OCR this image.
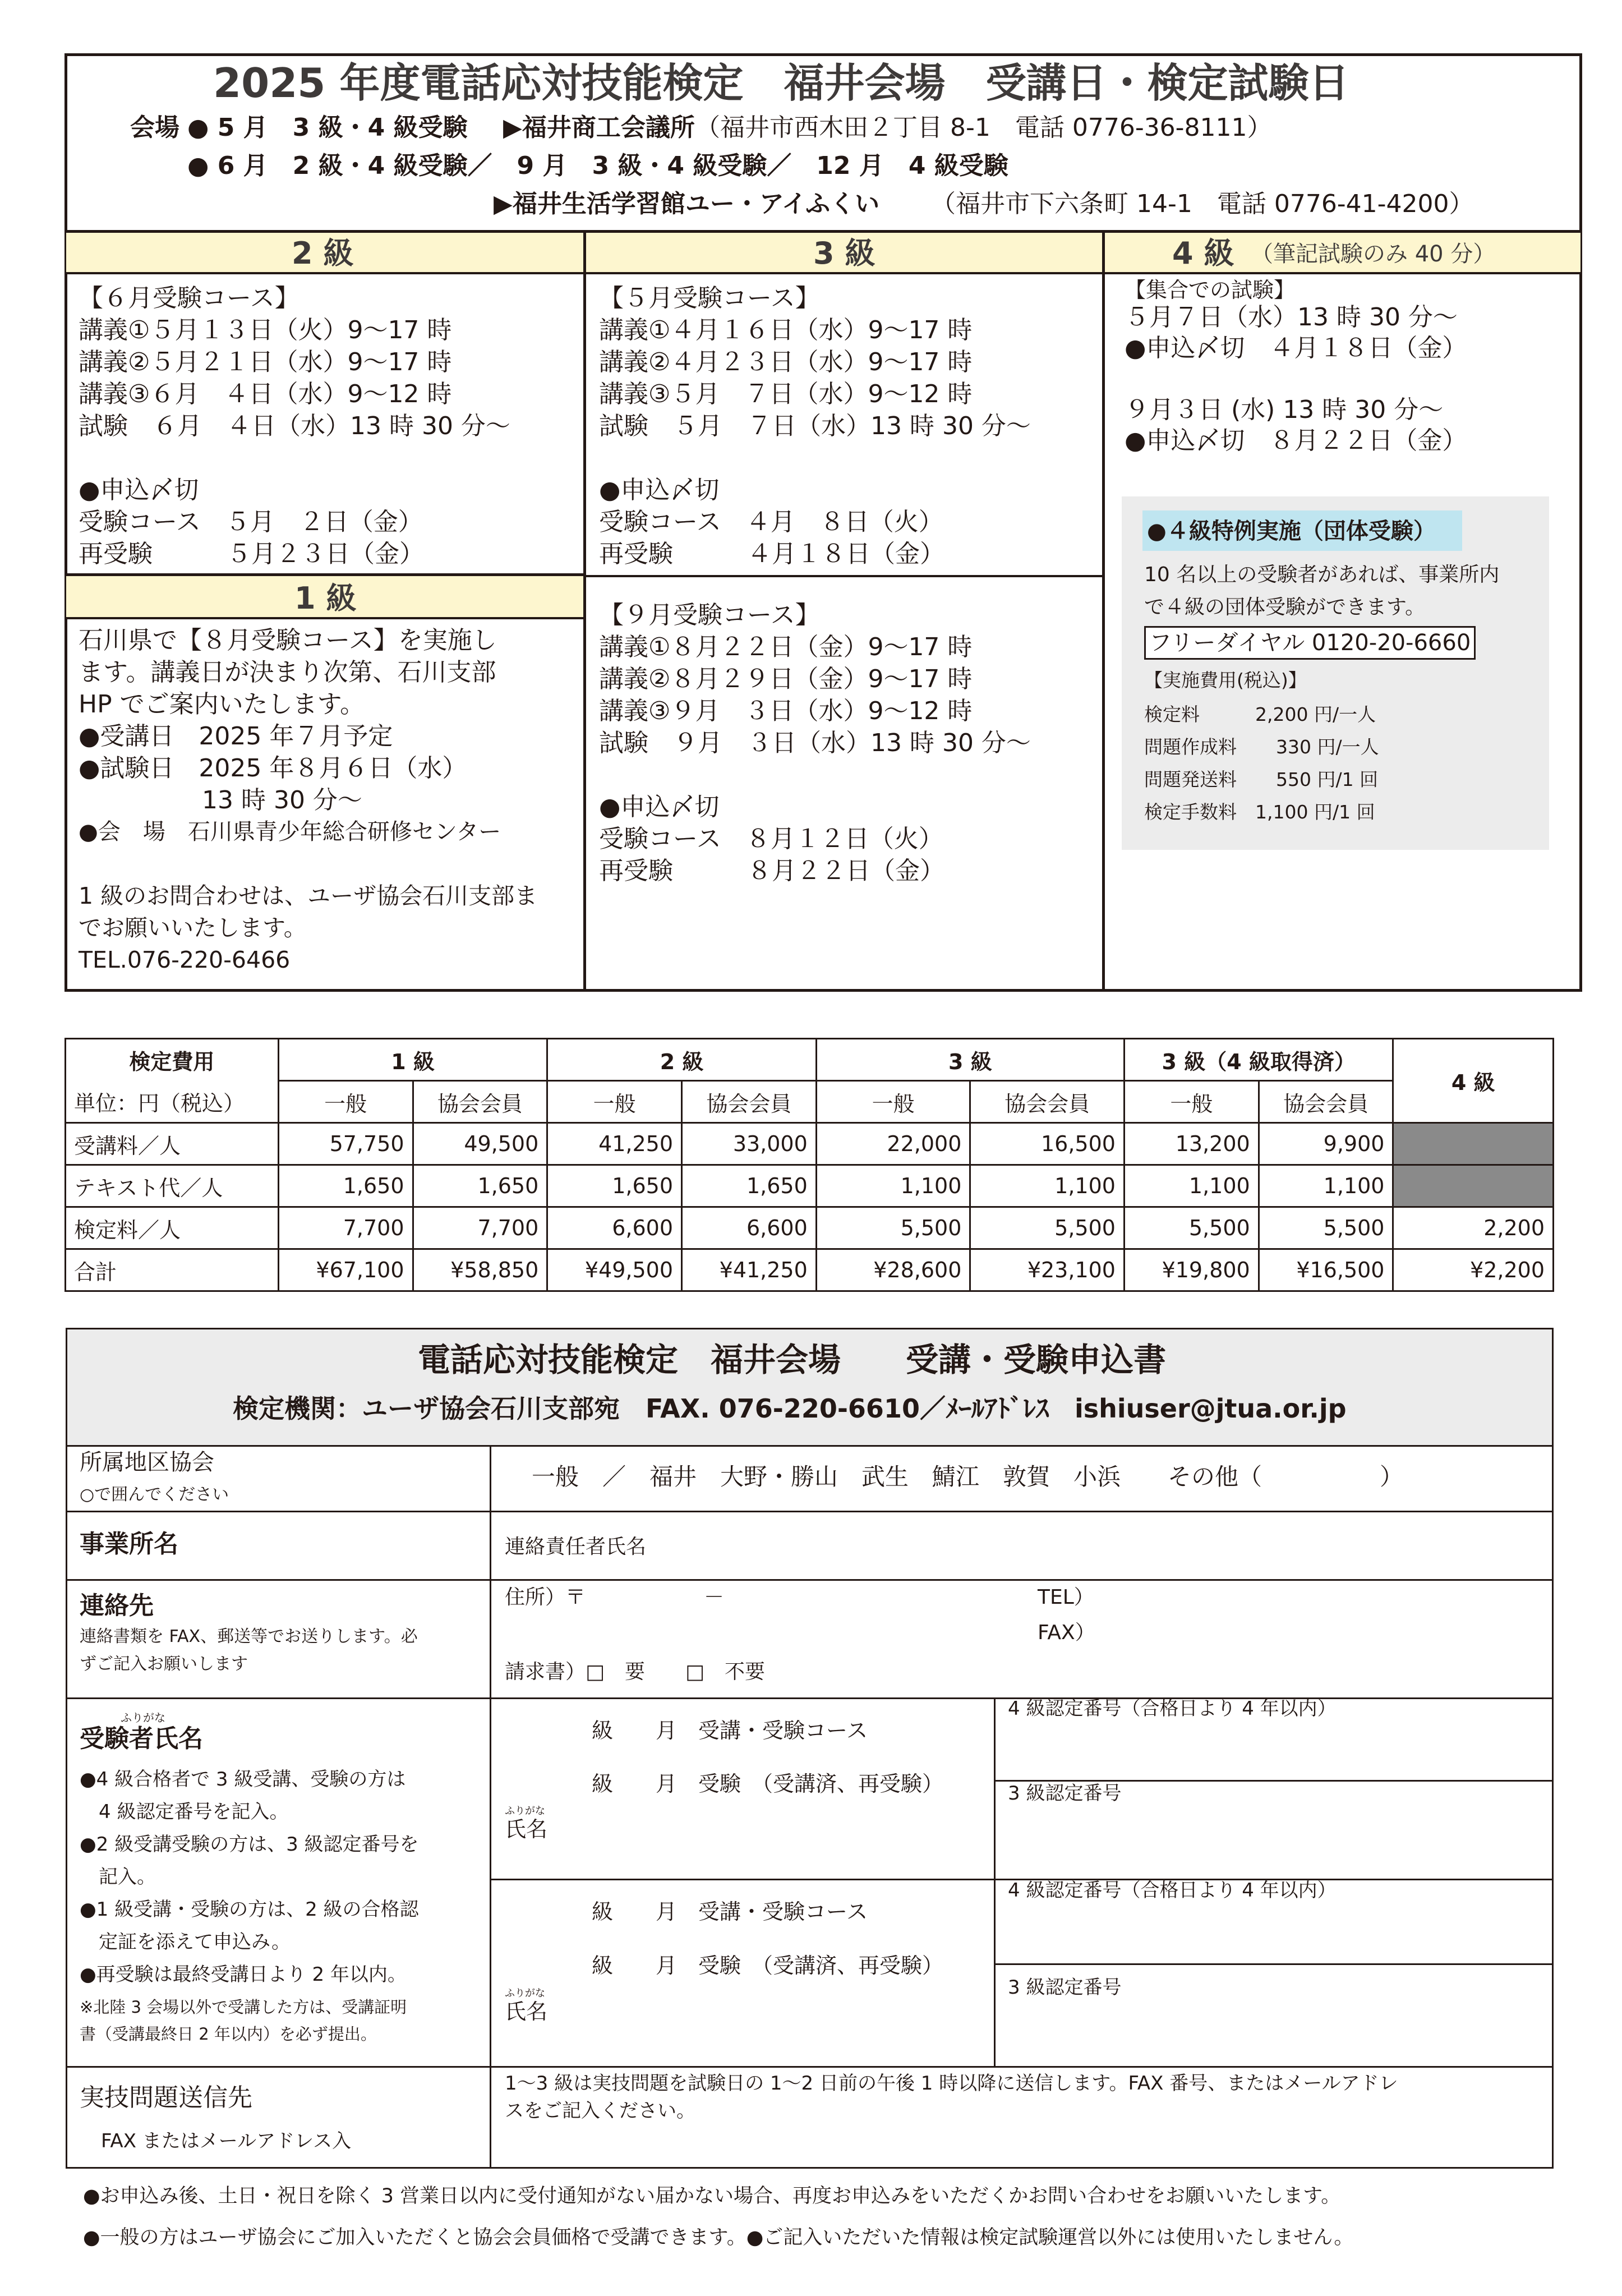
2025 年度電話応対技能検定　福井会場　受講日・検定試験日
会場 ● 5 月　3 級・4 級受験 ▶福井商工会議所 （福井市西木田２丁目 8-1　電話 0776-36-8111）
● 6 月　2 級・4 級受験／　9 月　3 級・4 級受験／　12 月　4 級受験
▶福井生活学習館ユー・アイふくい （福井市下六条町 14-1　電話 0776-41-4200）
2 級	3 級	4 級 （筆記試験のみ 40 分）
【６月受験コース】
講義①５月１３日（火）9～17 時
講義②５月２１日（水）9～17 時
講義③６月　４日（水）9～12 時
試験　６月　４日（水）13 時 30 分～
●申込〆切
受験コース　５月　２日（金）
再受験　　　５月２３日（金）
1 級
石川県で【８月受験コース】を実施し
ます。講義日が決まり次第、石川支部
HP でご案内いたします。
●受講日　2025 年７月予定
●試験日　2025 年８月６日（水）
　　　　　13 時 30 分～
●会　場　石川県青少年総合研修センター
1 級のお問合わせは、ユーザ協会石川支部ま
でお願いいたします。
TEL.076-220-6466
【５月受験コース】
講義①４月１６日（水）9～17 時
講義②４月２３日（水）9～17 時
講義③５月　７日（水）9～12 時
試験　５月　７日（水）13 時 30 分～
●申込〆切
受験コース　４月　８日（火）
再受験　　　４月１８日（金）
【９月受験コース】
講義①８月２２日（金）9～17 時
講義②８月２９日（金）9～17 時
講義③９月　３日（水）9～12 時
試験　９月　３日（水）13 時 30 分～
●申込〆切
受験コース　８月１２日（火）
再受験　　　８月２２日（金）
【集合での試験】
５月７日（水）13 時 30 分～
●申込〆切　４月１８日（金）
９月３日 (水) 13 時 30 分～
●申込〆切　８月２２日（金）
●４級特例実施（団体受験）
10 名以上の受験者があれば、事業所内
で４級の団体受験ができます。
フリーダイヤル 0120-20-6660
【実施費用(税込)】
検定料	2,200 円/一人
問題作成料 330 円/一人
問題発送料 550 円/1 回
検定手数料 1,100 円/1 回
検定費用	1 級		2 級		3 級		3 級（4 級取得済）		4 級
単位：円（税込）	一般	協会会員	一般	協会会員	一般	協会会員	一般	協会会員	
受講料／人	57,750	49,500	41,250	33,000	22,000	16,500	13,200	9,900	
テキスト代／人	1,650	1,650	1,650	1,650	1,100	1,100	1,100	1,100	
検定料／人	7,700	7,700	6,600	6,600	5,500	5,500	5,500	5,500	2,200
合計	¥67,100	¥58,850	¥49,500	¥41,250	¥28,600	¥23,100	¥19,800	¥16,500	¥2,200
電話応対技能検定　福井会場　　受講・受験申込書
検定機関：ユーザ協会石川支部宛　FAX. 076-220-6610／ﾒｰﾙｱﾄﾞﾚｽ　ishiuser@jtua.or.jp
所属地区協会
○で囲んでください
一般　／　福井　大野・勝山　武生　鯖江　敦賀　小浜　　その他（　　　　　）
事業所名	連絡責任者氏名
連絡先
連絡書類を FAX、郵送等でお送りします。必
ずご記入お願いします
住所）〒	－	TEL）
FAX）
請求書）□　要　　□　不要
ふりがな
受験者氏名
●4 級合格者で 3 級受講、受験の方は
　4 級認定番号を記入。
●2 級受講受験の方は、3 級認定番号を
　記入。
●1 級受講・受験の方は、2 級の合格認
　定証を添えて申込み。
●再受験は最終受講日より 2 年以内。
※北陸 3 会場以外で受講した方は、受講証明
書（受講最終日 2 年以内）を必ず提出。
級　　月　受講・受験コース
級　　月　受験　（受講済、再受験）
ふりがな
氏名
4 級認定番号（合格日より 4 年以内）
3 級認定番号
級　　月　受講・受験コース
級　　月　受験　（受講済、再受験）
ふりがな
氏名
4 級認定番号（合格日より 4 年以内）
3 級認定番号
実技問題送信先
FAX またはメールアドレス入
1～3 級は実技問題を試験日の 1～2 日前の午後 1 時以降に送信します。FAX 番号、またはメールアドレ
スをご記入ください。
●お申込み後、土日・祝日を除く 3 営業日以内に受付通知がない届かない場合、再度お申込みをいただくかお問い合わせをお願いいたします。
●一般の方はユーザ協会にご加入いただくと協会会員価格で受講できます。●ご記入いただいた情報は検定試験運営以外には使用いたしません。
